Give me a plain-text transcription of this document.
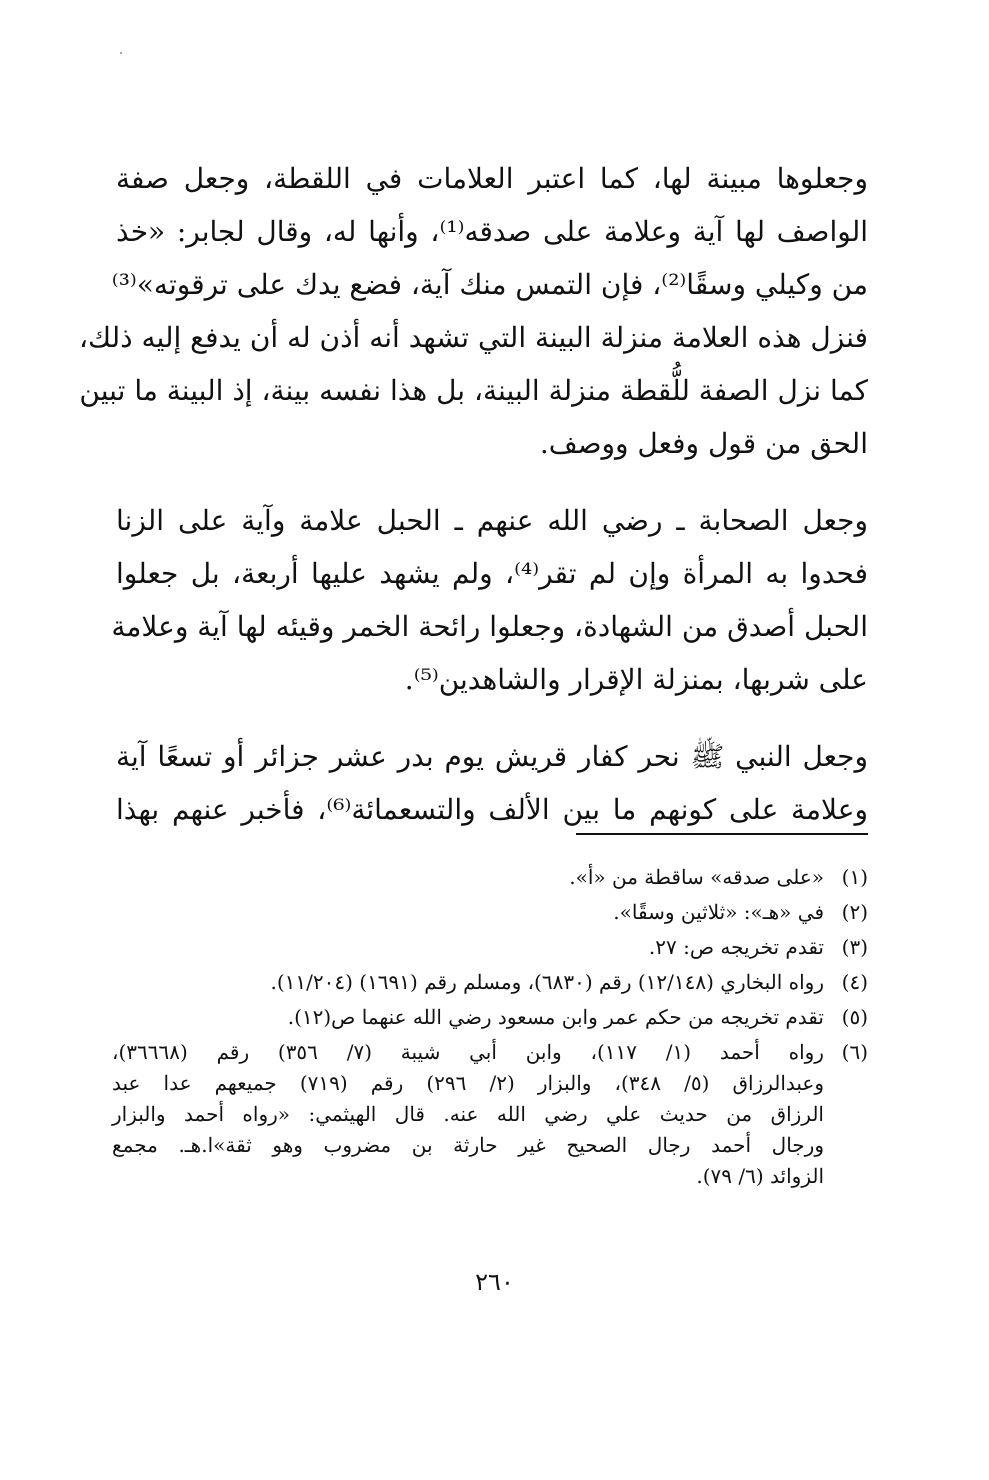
وجعلوها مبينة لها، كما اعتبر العلامات في اللقطة، وجعل صفة
الواصف لها آية وعلامة على صدقه⁽¹⁾، وأنها له، وقال لجابر: «خذ
من وكيلي وسقًا⁽²⁾، فإن التمس منك آية، فضع يدك على ترقوته»⁽³⁾
فنزل هذه العلامة منزلة البينة التي تشهد أنه أذن له أن يدفع إليه ذلك،
كما نزل الصفة للُّقطة منزلة البينة، بل هذا نفسه بينة، إذ البينة ما تبين
الحق من قول وفعل ووصف.
وجعل الصحابة ـ رضي الله عنهم ـ الحبل علامة وآية على الزنا
فحدوا به المرأة وإن لم تقر⁽⁴⁾، ولم يشهد عليها أربعة، بل جعلوا
الحبل أصدق من الشهادة، وجعلوا رائحة الخمر وقيئه لها آية وعلامة
على شربها، بمنزلة الإقرار والشاهدين⁽⁵⁾.
وجعل النبي ﷺ نحر كفار قريش يوم بدر عشر جزائر أو تسعًا آية
وعلامة على كونهم ما بين الألف والتسعمائة⁽⁶⁾، فأخبر عنهم بهذا
(١)
«على صدقه» ساقطة من «أ».
(٢)
في «هـ»: «ثلاثين وسقًا».
(٣)
تقدم تخريجه ص: ٢٧.
(٤)
رواه البخاري (١٢/١٤٨) رقم (٦٨٣٠)، ومسلم رقم (١٦٩١) (١١/٢٠٤).
(٥)
تقدم تخريجه من حكم عمر وابن مسعود رضي الله عنهما ص(١٢).
(٦)
رواه أحمد (١/ ١١٧)، وابن أبي شيبة (٧/ ٣٥٦) رقم (٣٦٦٦٨)،
وعبدالرزاق (٥/ ٣٤٨)، والبزار (٢/ ٢٩٦) رقم (٧١٩) جميعهم عدا عبد
الرزاق من حديث علي رضي الله عنه. قال الهيثمي: «رواه أحمد والبزار
ورجال أحمد رجال الصحيح غير حارثة بن مضروب وهو ثقة»ا.هـ. مجمع
الزوائد (٦/ ٧٩).
٢٦٠
